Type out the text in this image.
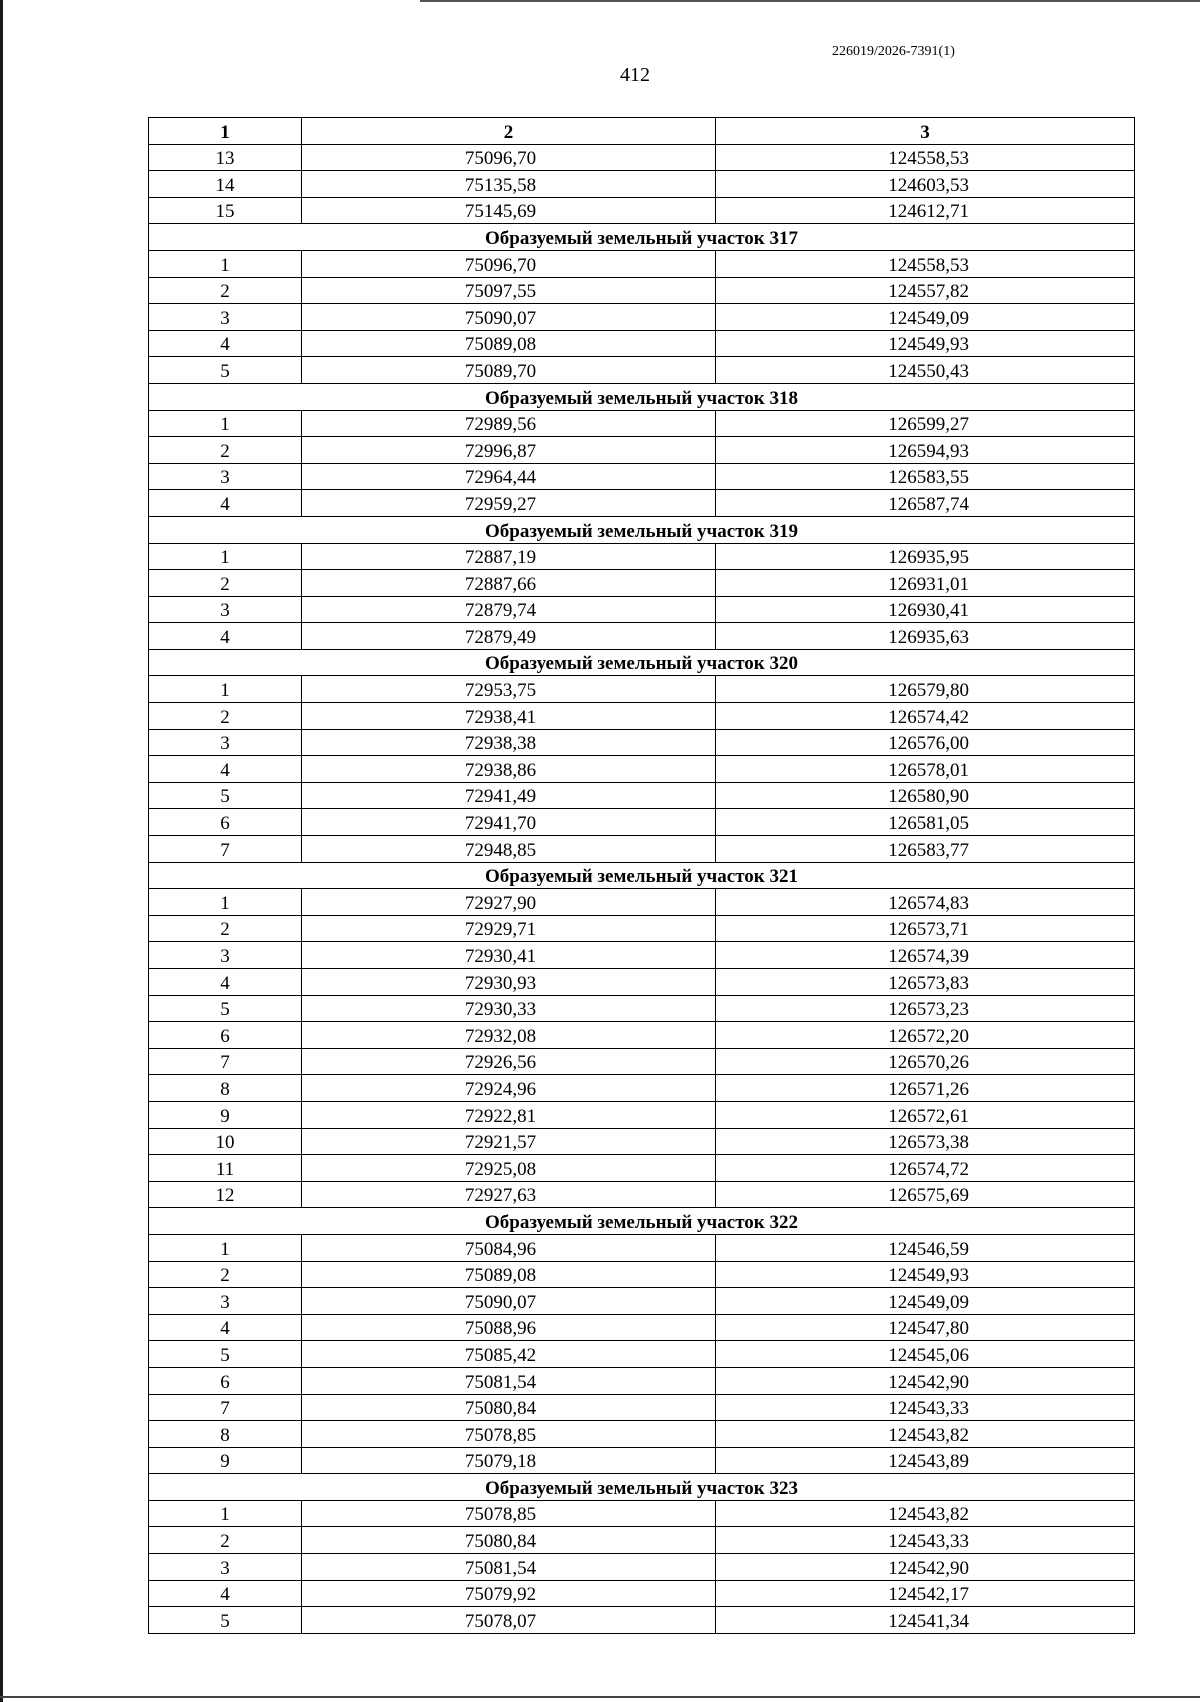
226019/2026-7391(1)
412
1	2	3
13	75096,70	124558,53
14	75135,58	124603,53
15	75145,69	124612,71
Образуемый земельный участок 317		
1	75096,70	124558,53
2	75097,55	124557,82
3	75090,07	124549,09
4	75089,08	124549,93
5	75089,70	124550,43
Образуемый земельный участок 318		
1	72989,56	126599,27
2	72996,87	126594,93
3	72964,44	126583,55
4	72959,27	126587,74
Образуемый земельный участок 319		
1	72887,19	126935,95
2	72887,66	126931,01
3	72879,74	126930,41
4	72879,49	126935,63
Образуемый земельный участок 320		
1	72953,75	126579,80
2	72938,41	126574,42
3	72938,38	126576,00
4	72938,86	126578,01
5	72941,49	126580,90
6	72941,70	126581,05
7	72948,85	126583,77
Образуемый земельный участок 321		
1	72927,90	126574,83
2	72929,71	126573,71
3	72930,41	126574,39
4	72930,93	126573,83
5	72930,33	126573,23
6	72932,08	126572,20
7	72926,56	126570,26
8	72924,96	126571,26
9	72922,81	126572,61
10	72921,57	126573,38
11	72925,08	126574,72
12	72927,63	126575,69
Образуемый земельный участок 322		
1	75084,96	124546,59
2	75089,08	124549,93
3	75090,07	124549,09
4	75088,96	124547,80
5	75085,42	124545,06
6	75081,54	124542,90
7	75080,84	124543,33
8	75078,85	124543,82
9	75079,18	124543,89
Образуемый земельный участок 323		
1	75078,85	124543,82
2	75080,84	124543,33
3	75081,54	124542,90
4	75079,92	124542,17
5	75078,07	124541,34
